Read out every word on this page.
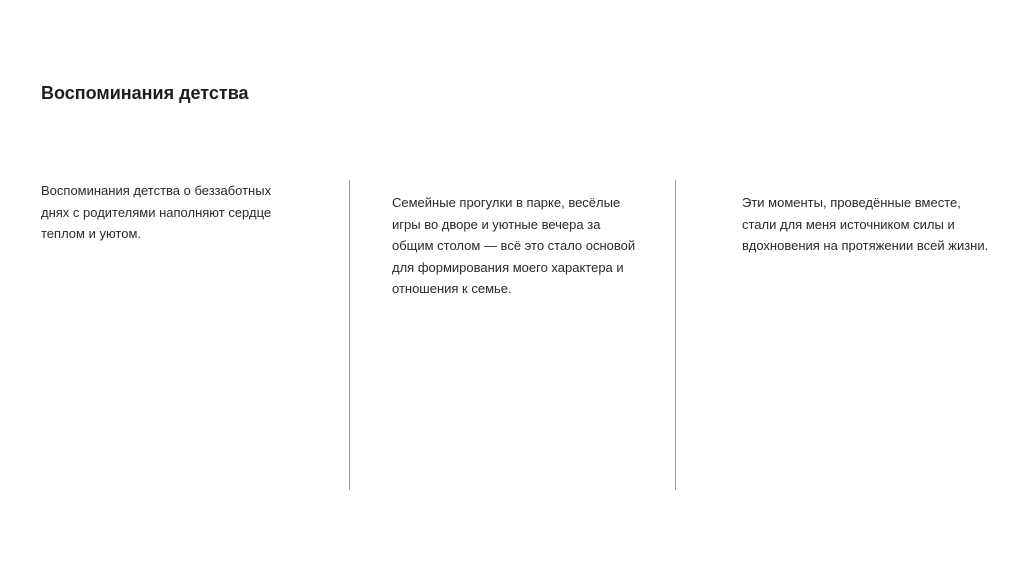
Воспоминания детства
Воспоминания детства о беззаботных
днях с родителями наполняют сердце
теплом и уютом.
Семейные прогулки в парке, весёлые
игры во дворе и уютные вечера за
общим столом — всё это стало основой
для формирования моего характера и
отношения к семье.
Эти моменты, проведённые вместе,
стали для меня источником силы и
вдохновения на протяжении всей жизни.
